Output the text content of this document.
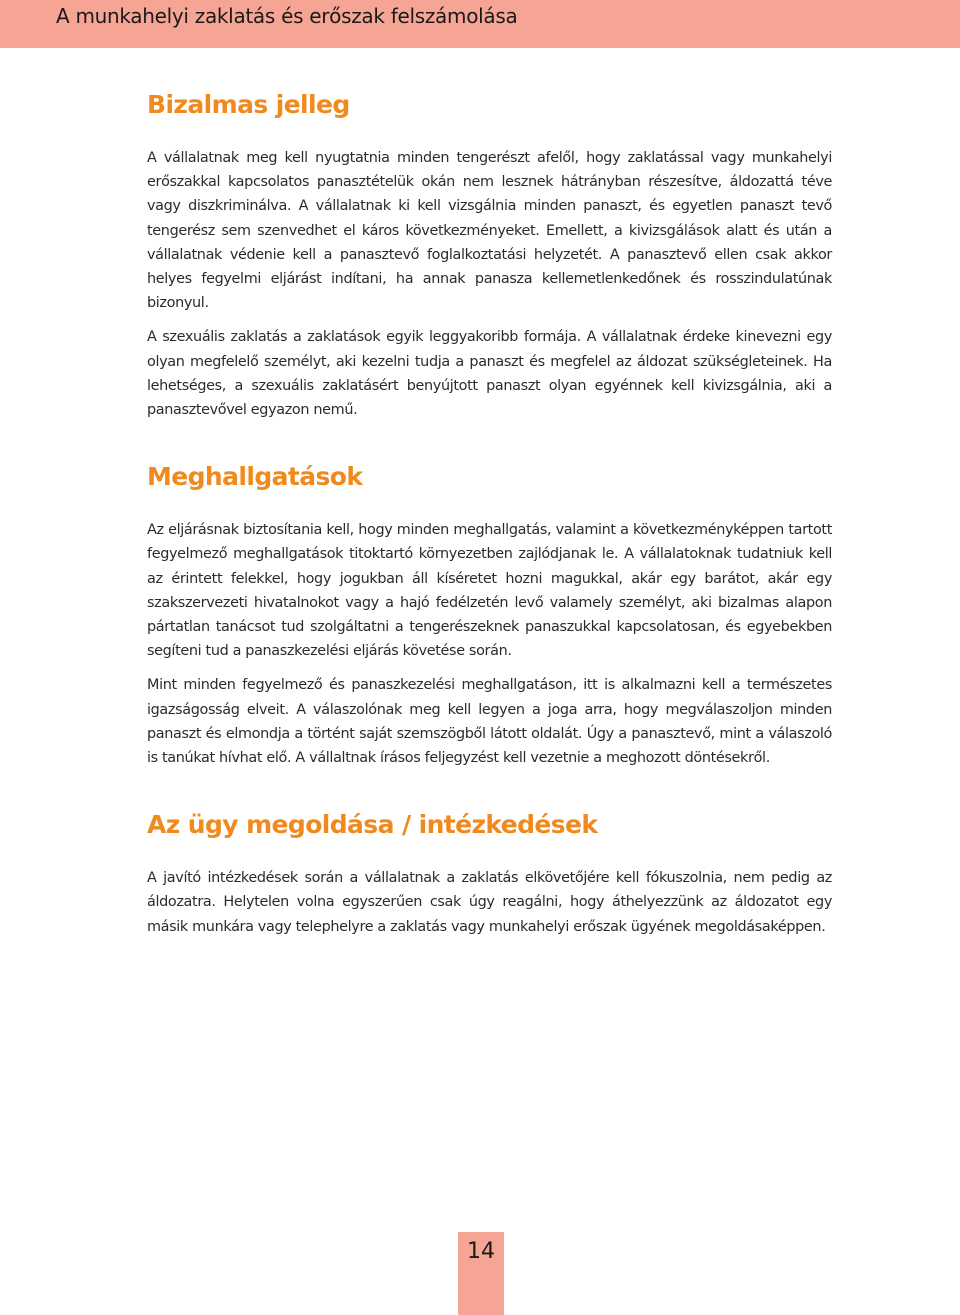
A munkahelyi zaklatás és erőszak felszámolása
Bizalmas jelleg

A vállalatnak meg kell nyugtatnia minden tengerészt afelől, hogy zaklatással vagy munkahelyi erőszakkal kapcsolatos panasztételük okán nem lesznek hátrányban részesítve, áldozattá téve vagy diszkriminálva. A vállalatnak ki kell vizsgálnia minden panaszt, és egyetlen panaszt tevő tengerész sem szenvedhet el káros következményeket. Emellett, a kivizsgálások alatt és után a vállalatnak védenie kell a panasztevő foglalkoztatási helyzetét. A panasztevő ellen csak akkor helyes fegyelmi eljárást indítani, ha annak panasza kellemetlenkedőnek és rosszindulatúnak bizonyul.

A szexuális zaklatás a zaklatások egyik leggyakoribb formája. A vállalatnak érdeke kinevezni egy olyan megfelelő személyt, aki kezelni tudja a panaszt és megfelel az áldozat szükségleteinek. Ha lehetséges, a szexuális zaklatásért benyújtott panaszt olyan egyénnek kell kivizsgálnia, aki a panasztevővel egyazon nemű.

Meghallgatások

Az eljárásnak biztosítania kell, hogy minden meghallgatás, valamint a következményképpen tartott fegyelmező meghallgatások titoktartó környezetben zajlódjanak le. A vállalatoknak tudatniuk kell az érintett felekkel, hogy jogukban áll kíséretet hozni magukkal, akár egy barátot, akár egy szakszervezeti hivatalnokot vagy a hajó fedélzetén levő valamely személyt, aki bizalmas alapon pártatlan tanácsot tud szolgáltatni a tengerészeknek panaszukkal kapcsolatosan, és egyebekben segíteni tud a panaszkezelési eljárás követése során.

Mint minden fegyelmező és panaszkezelési meghallgatáson, itt is alkalmazni kell a természetes igazságosság elveit. A válaszolónak meg kell legyen a joga arra, hogy megválaszoljon minden panaszt és elmondja a történt saját szemszögből látott oldalát. Úgy a panasztevő, mint a válaszoló is tanúkat hívhat elő. A vállaltnak írásos feljegyzést kell vezetnie a meghozott döntésekről.

Az ügy megoldása / intézkedések

A javító intézkedések során a vállalatnak a zaklatás elkövetőjére kell fókuszolnia, nem pedig az áldozatra. Helytelen volna egyszerűen csak úgy reagálni, hogy áthelyezzünk az áldozatot egy másik munkára vagy telephelyre a zaklatás vagy munkahelyi erőszak ügyének megoldásaképpen.

14
